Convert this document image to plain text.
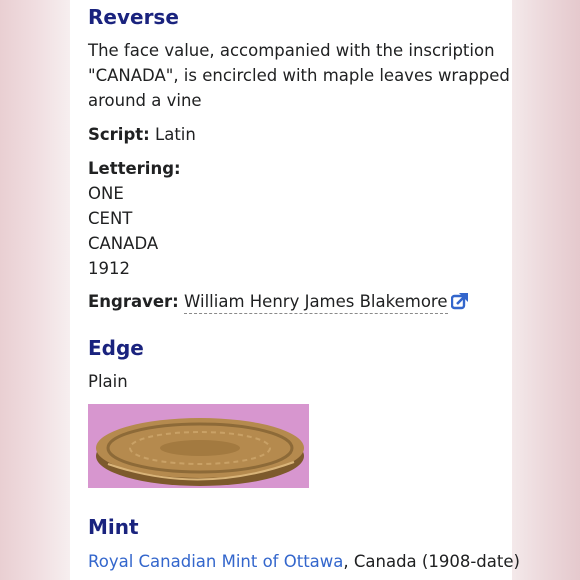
Reverse
The face value, accompanied with the inscription
"CANADA", is encircled with maple leaves wrapped
around a vine
Script: Latin
Lettering:
ONE
CENT
CANADA
1912
Engraver: William Henry James Blakemore
Edge
Plain
Mint
Royal Canadian Mint of Ottawa, Canada (1908-date)
